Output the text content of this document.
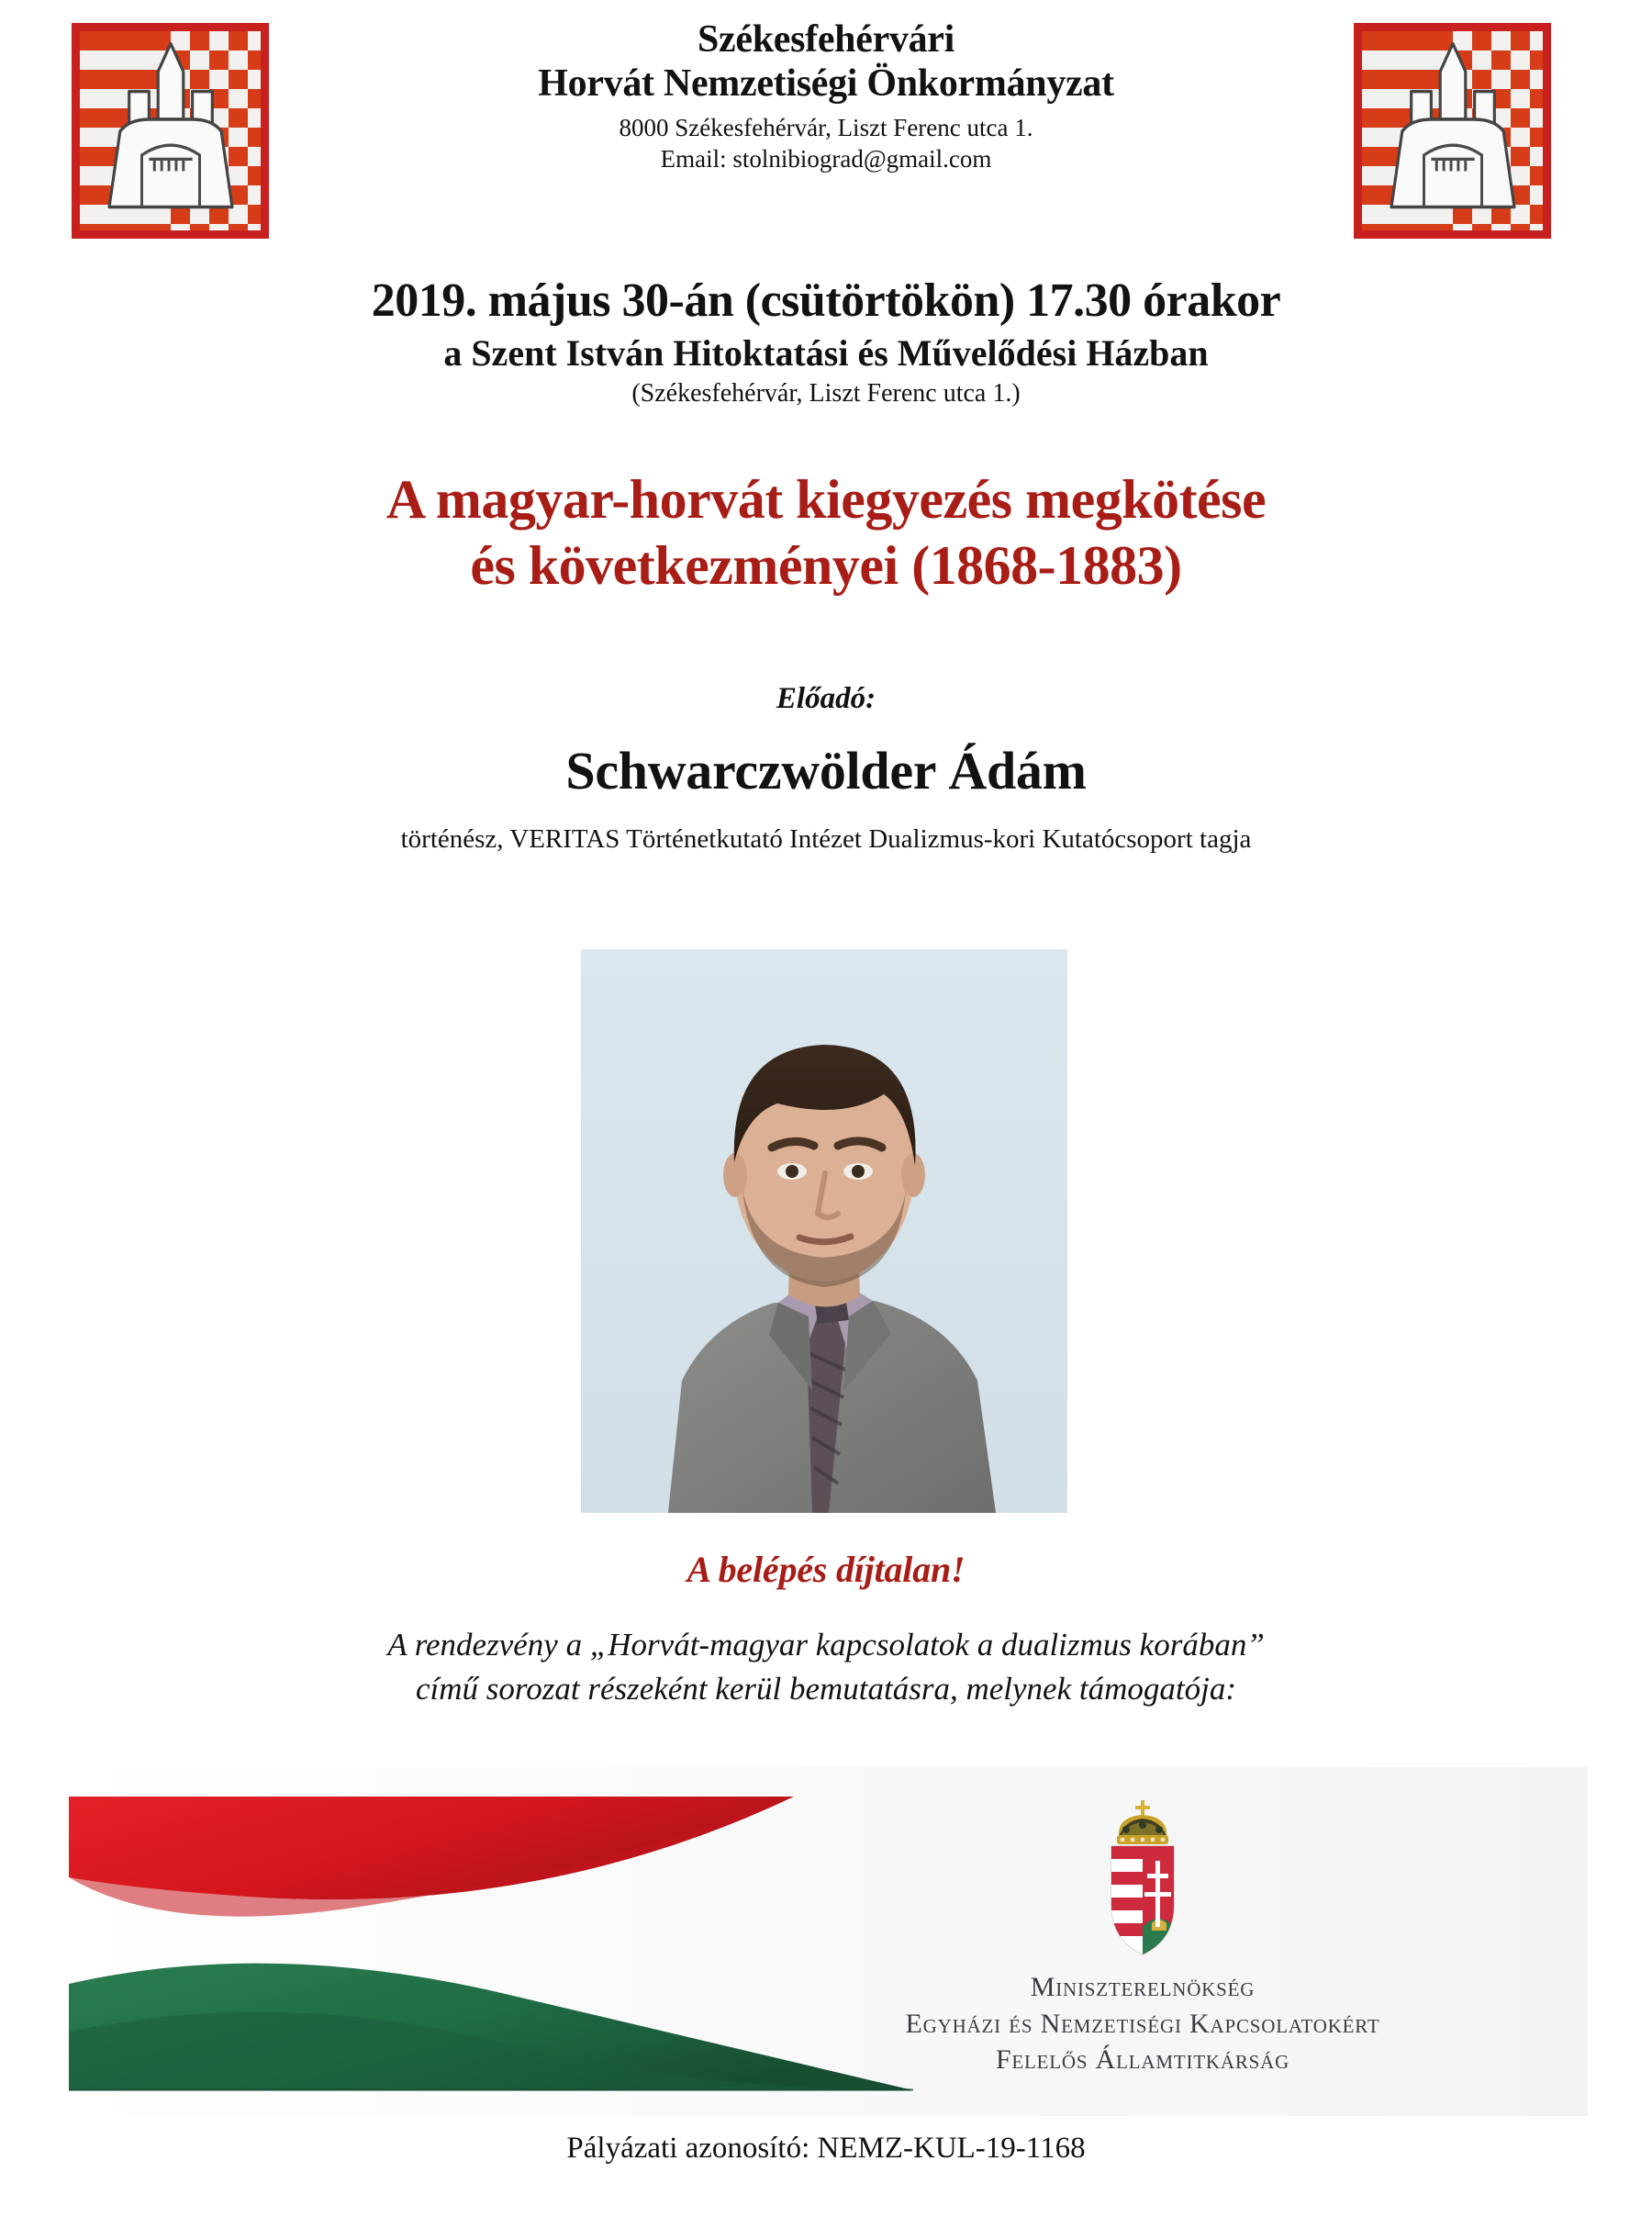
Székesfehérvári
Horvát Nemzetiségi Önkormányzat
8000 Székesfehérvár, Liszt Ferenc utca 1.
Email: stolnibiograd@gmail.com
2019. május 30-án (csütörtökön) 17.30 órakor
a Szent István Hitoktatási és Művelődési Házban
(Székesfehérvár, Liszt Ferenc utca 1.)
A magyar-horvát kiegyezés megkötése
és következményei (1868-1883)
Előadó:
Schwarczwölder Ádám
történész, VERITAS Történetkutató Intézet Dualizmus-kori Kutatócsoport tagja
A belépés díjtalan!
A rendezvény a „Horvát-magyar kapcsolatok a dualizmus korában”
című sorozat részeként kerül bemutatásra, melynek támogatója:
Miniszterelnökség
Egyházi és Nemzetiségi Kapcsolatokért
Felelős Államtitkárság
Pályázati azonosító: NEMZ-KUL-19-1168
